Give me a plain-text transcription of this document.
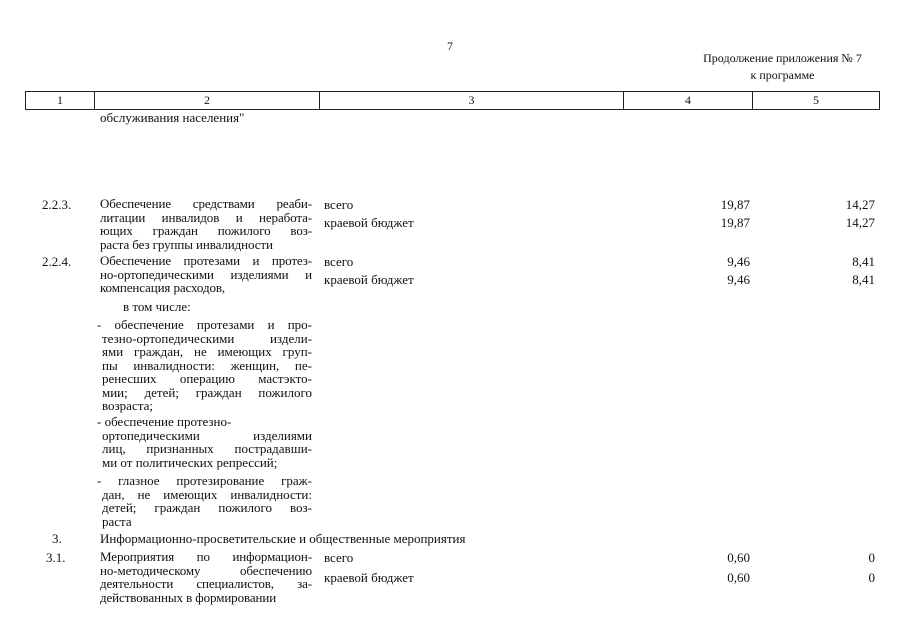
7
Продолжение приложения № 7
к программе
1	2	3	4	5
обслуживания населения"
2.2.3. Обеспечение средствами реаби-
литации инвалидов и неработа-
ющих граждан пожилого воз-
раста без группы инвалидности
всего	19,87	14,27
краевой бюджет	19,87	14,27
2.2.4. Обеспечение протезами и протез-
но-ортопедическими изделиями и
компенсация расходов,
всего	9,46	8,41
краевой бюджет	9,46	8,41
в том числе:
- обеспечение протезами и про-
тезно-ортопедическими издели-
ями граждан, не имеющих груп-
пы инвалидности: женщин, пе-
ренесших операцию мастэкто-
мии; детей; граждан пожилого
возраста;
- обеспечение протезно-
ортопедическими изделиями
лиц, признанных пострадавши-
ми от политических репрессий;
- глазное протезирование граж-
дан, не имеющих инвалидности:
детей; граждан пожилого воз-
раста
3.	Информационно-просветительские и общественные мероприятия
3.1.	Мероприятия по информацион-
но-методическому обеспечению
деятельности специалистов, за-
действованных в формировании
всего	0,60	0
краевой бюджет	0,60	0
